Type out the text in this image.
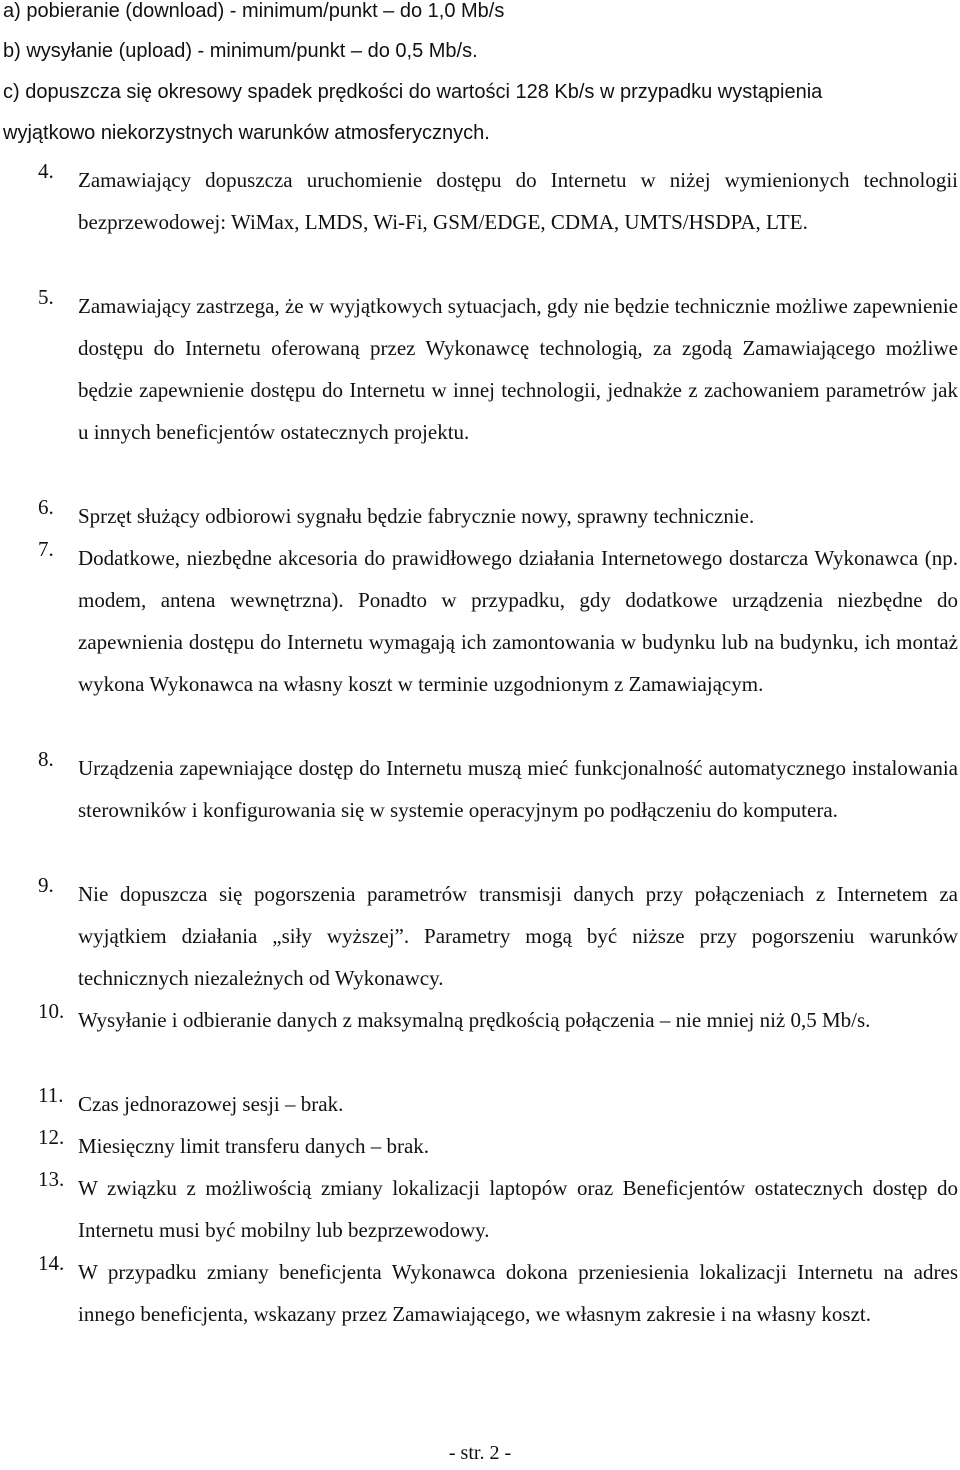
a) pobieranie (download) - minimum/punkt – do 1,0 Mb/s
b) wysyłanie (upload) - minimum/punkt – do 0,5 Mb/s.
c) dopuszcza się okresowy spadek prędkości do wartości 128 Kb/s w przypadku wystąpienia
wyjątkowo niekorzystnych warunków atmosferycznych.
4.	Zamawiający dopuszcza uruchomienie dostępu do Internetu w niżej wymienionych technologii bezprzewodowej: WiMax, LMDS, Wi-Fi, GSM/EDGE, CDMA, UMTS/HSDPA, LTE.
5.	Zamawiający zastrzega, że w wyjątkowych sytuacjach, gdy nie będzie technicznie możliwe zapewnienie dostępu do Internetu oferowaną przez Wykonawcę technologią, za zgodą Zamawiającego możliwe będzie zapewnienie dostępu do Internetu w innej technologii, jednakże z zachowaniem parametrów jak u innych beneficjentów ostatecznych projektu.
6.	Sprzęt służący odbiorowi sygnału będzie fabrycznie nowy, sprawny technicznie.
7.	Dodatkowe, niezbędne akcesoria do prawidłowego działania Internetowego dostarcza Wykonawca (np. modem, antena wewnętrzna). Ponadto w przypadku, gdy dodatkowe urządzenia niezbędne do zapewnienia dostępu do Internetu wymagają ich zamontowania w budynku lub na budynku, ich montaż wykona Wykonawca na własny koszt w terminie uzgodnionym z Zamawiającym.
8.	Urządzenia zapewniające dostęp do Internetu muszą mieć funkcjonalność automatycznego instalowania sterowników i konfigurowania się w systemie operacyjnym po podłączeniu do komputera.
9.	Nie dopuszcza się pogorszenia parametrów transmisji danych przy połączeniach z Internetem za wyjątkiem działania „siły wyższej”. Parametry mogą być niższe przy pogorszeniu warunków technicznych niezależnych od Wykonawcy.
10. Wysyłanie i odbieranie danych z maksymalną prędkością połączenia – nie mniej niż 0,5 Mb/s.
11. Czas jednorazowej sesji – brak.
12. Miesięczny limit transferu danych – brak.
13. W związku z możliwością zmiany lokalizacji laptopów oraz Beneficjentów ostatecznych dostęp do Internetu musi być mobilny lub bezprzewodowy.
14. W przypadku zmiany beneficjenta Wykonawca dokona przeniesienia lokalizacji Internetu na adres innego beneficjenta, wskazany przez Zamawiającego, we własnym zakresie i na własny koszt.
- str. 2 -
